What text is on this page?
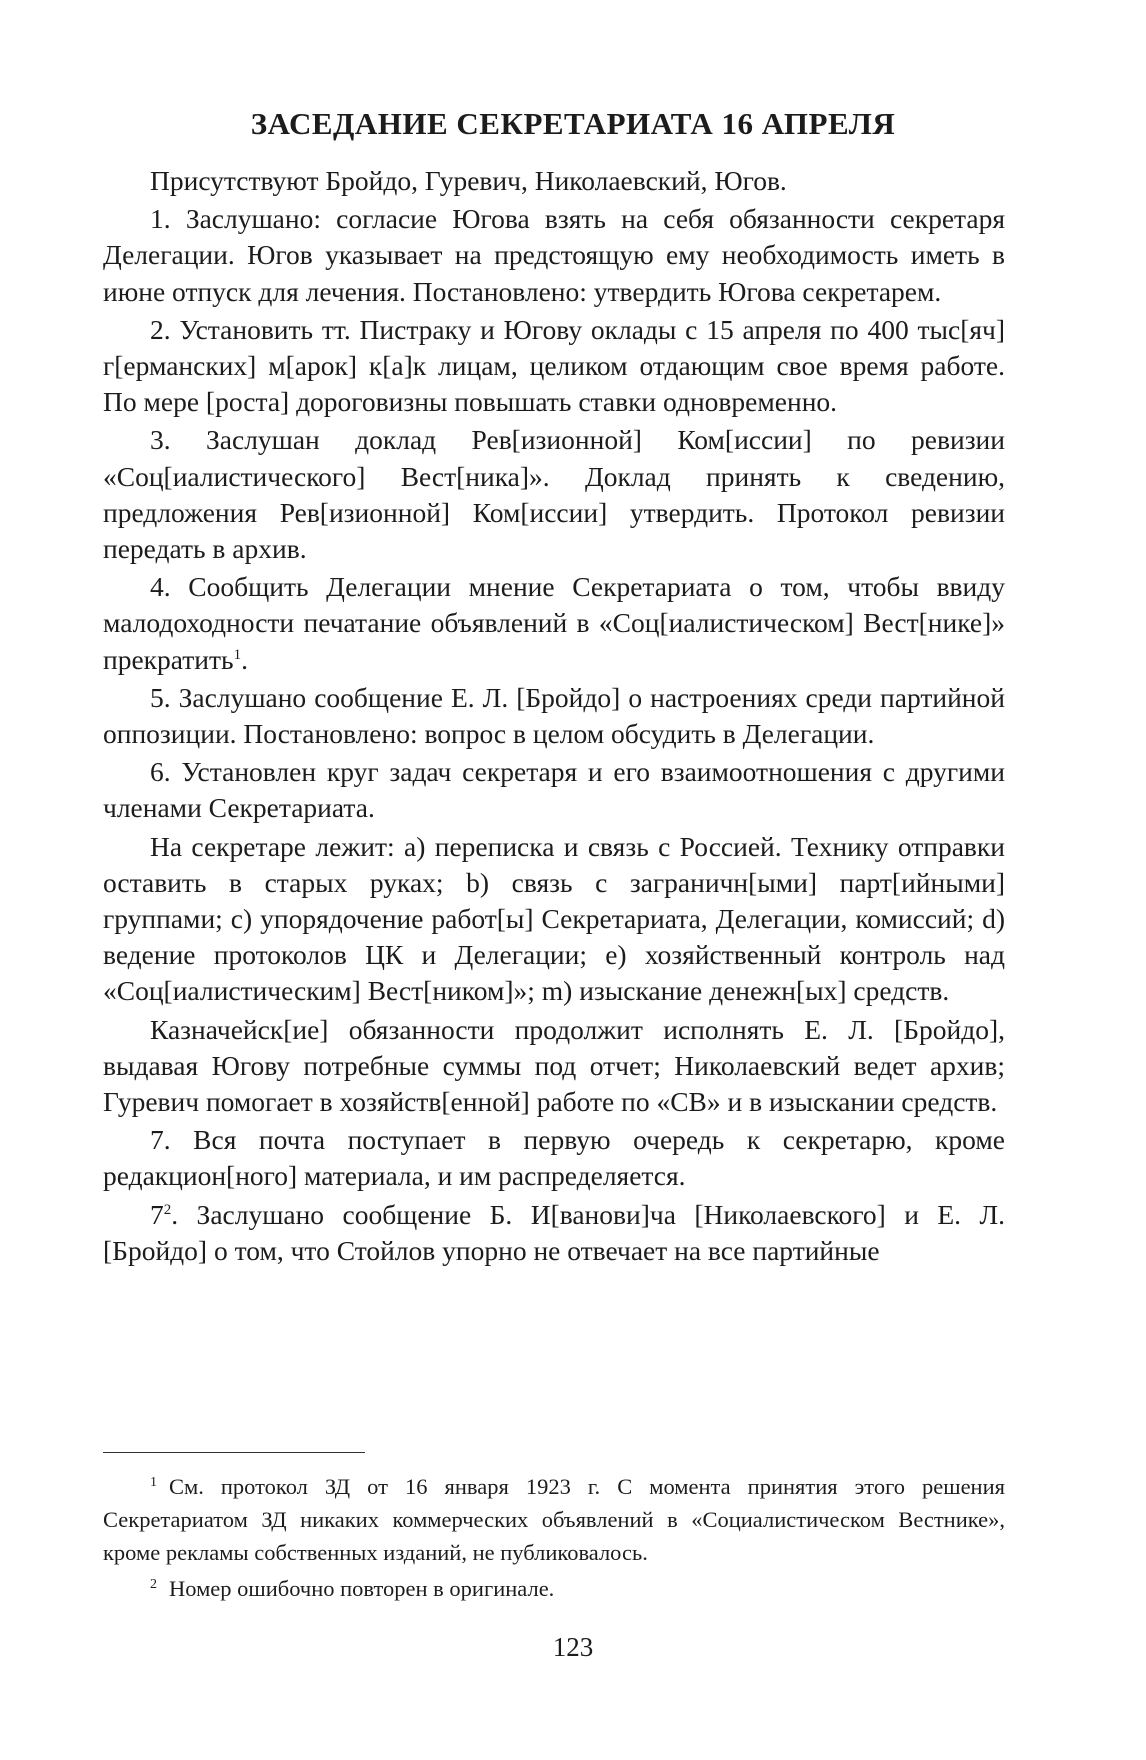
ЗАСЕДАНИЕ СЕКРЕТАРИАТА 16 АПРЕЛЯ

Присутствуют Бройдо, Гуревич, Николаевский, Югов.

1. Заслушано: согласие Югова взять на себя обязанности секретаря Делегации. Югов указывает на предстоящую ему необходимость иметь в июне отпуск для лечения. Постановлено: утвердить Югова секретарем.

2. Установить тт. Пистраку и Югову оклады с 15 апреля по 400 тыс[яч] г[ерманских] м[арок] к[а]к лицам, целиком отдающим свое время работе. По мере [роста] дороговизны повышать ставки одновременно.

3. Заслушан доклад Рев[изионной] Ком[иссии] по ревизии «Соц[иалистического] Вест[ника]». Доклад принять к сведению, предложения Рев[изионной] Ком[иссии] утвердить. Протокол ревизии передать в архив.

4. Сообщить Делегации мнение Секретариата о том, чтобы ввиду малодоходности печатание объявлений в «Соц[иалистическом] Вест[нике]» прекратить$^1$.

5. Заслушано сообщение Е. Л. [Бройдо] о настроениях среди партийной оппозиции. Постановлено: вопрос в целом обсудить в Делегации.

6. Установлен круг задач секретаря и его взаимоотношения с другими членами Секретариата.

На секретаре лежит: a) переписка и связь с Россией. Технику отправки оставить в старых руках; b) связь с заграничн[ыми] парт[ийными] группами; c) упорядочение работ[ы] Секретариата, Делегации, комиссий; d) ведение протоколов ЦК и Делегации; e) хозяйственный контроль над «Соц[иалистическим] Вест[ником]»; m) изыскание денежн[ых] средств.

Казначейск[ие] обязанности продолжит исполнять Е. Л. [Бройдо], выдавая Югову потребные суммы под отчет; Николаевский ведет архив; Гуревич помогает в хозяйств[енной] работе по «СВ» и в изыскании средств.

7. Вся почта поступает в первую очередь к секретарю, кроме редакцион[ного] материала, и им распределяется.

$7^2$. Заслушано сообщение Б. И[ванови]ча [Николаевского] и Е. Л. [Бройдо] о том, что Стойлов упорно не отвечает на все партийные

$^1$ См. протокол ЗД от 16 января 1923 г. С момента принятия этого решения Секретариатом ЗД никаких коммерческих объявлений в «Социалистическом Вестнике», кроме рекламы собственных изданий, не публиковалось.

$^2$ Номер ошибочно повторен в оригинале.

123
